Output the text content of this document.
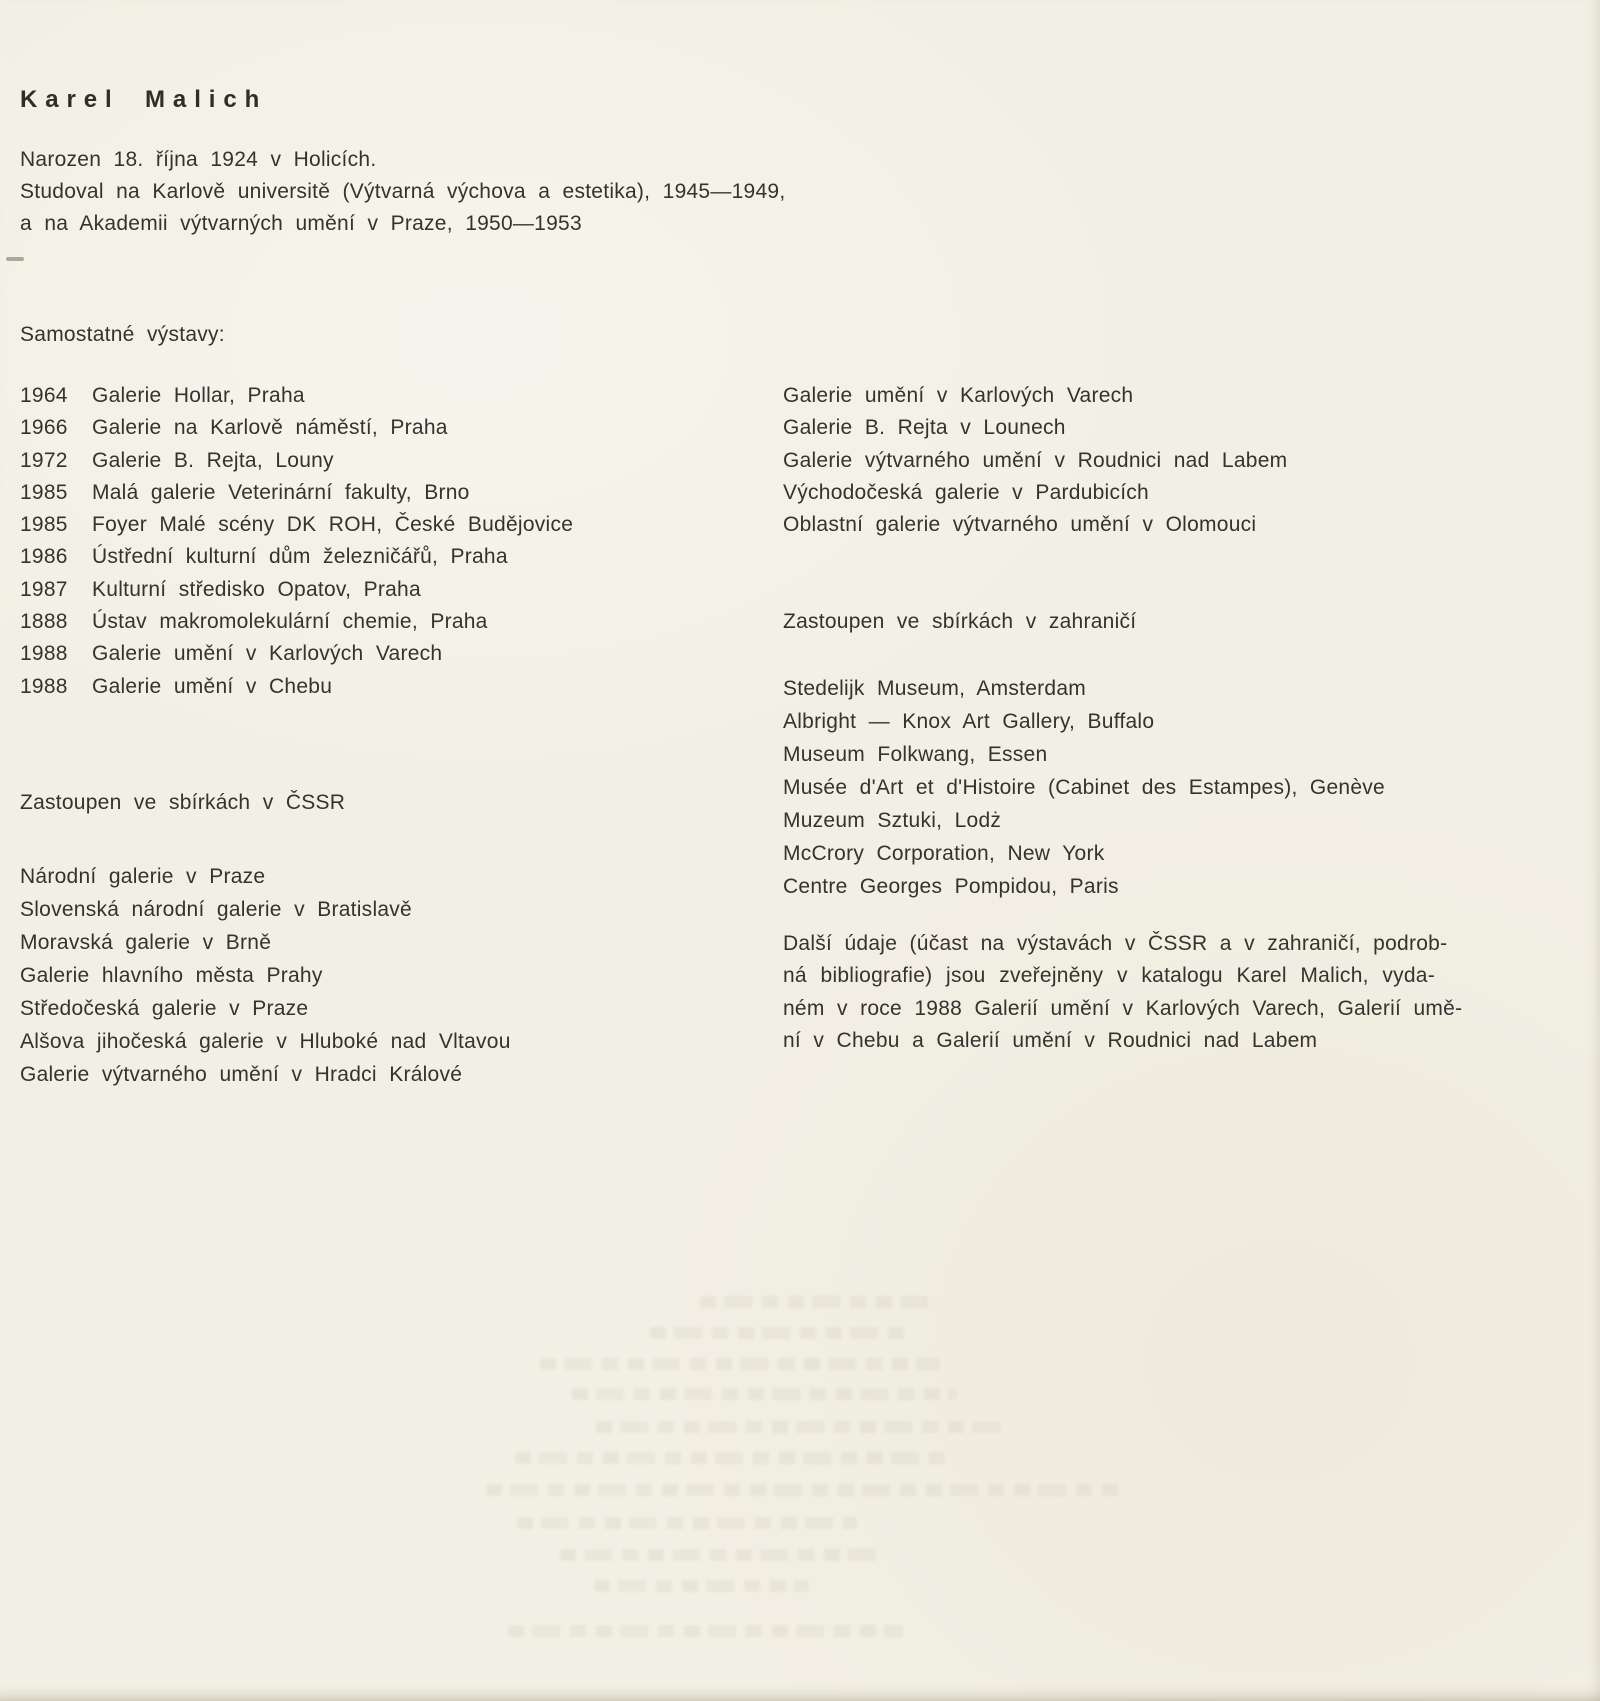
Karel Malich
Narozen 18. října 1924 v Holicích.
Studoval na Karlově universitě (Výtvarná výchova a estetika), 1945—1949,
a na Akademii výtvarných umění v Praze, 1950—1953
Samostatné výstavy:
1964 Galerie Hollar, Praha
1966 Galerie na Karlově náměstí, Praha
1972 Galerie B. Rejta, Louny
1985 Malá galerie Veterinární fakulty, Brno
1985 Foyer Malé scény DK ROH, České Budějovice
1986 Ústřední kulturní dům železničářů, Praha
1987 Kulturní středisko Opatov, Praha
1888 Ústav makromolekulární chemie, Praha
1988 Galerie umění v Karlových Varech
1988 Galerie umění v Chebu
Galerie umění v Karlových Varech
Galerie B. Rejta v Lounech
Galerie výtvarného umění v Roudnici nad Labem
Východočeská galerie v Pardubicích
Oblastní galerie výtvarného umění v Olomouci
Zastoupen ve sbírkách v ČSSR
Národní galerie v Praze
Slovenská národní galerie v Bratislavě
Moravská galerie v Brně
Galerie hlavního města Prahy
Středočeská galerie v Praze
Alšova jihočeská galerie v Hluboké nad Vltavou
Galerie výtvarného umění v Hradci Králové
Zastoupen ve sbírkách v zahraničí
Stedelijk Museum, Amsterdam
Albright — Knox Art Gallery, Buffalo
Museum Folkwang, Essen
Musée d'Art et d'Histoire (Cabinet des Estampes), Genève
Muzeum Sztuki, Lodż
McCrory Corporation, New York
Centre Georges Pompidou, Paris
Další údaje (účast na výstavách v ČSSR a v zahraničí, podrob-
ná bibliografie) jsou zveřejněny v katalogu Karel Malich, vyda-
ném v roce 1988 Galerií umění v Karlových Varech, Galerií umě-
ní v Chebu a Galerií umění v Roudnici nad Labem
